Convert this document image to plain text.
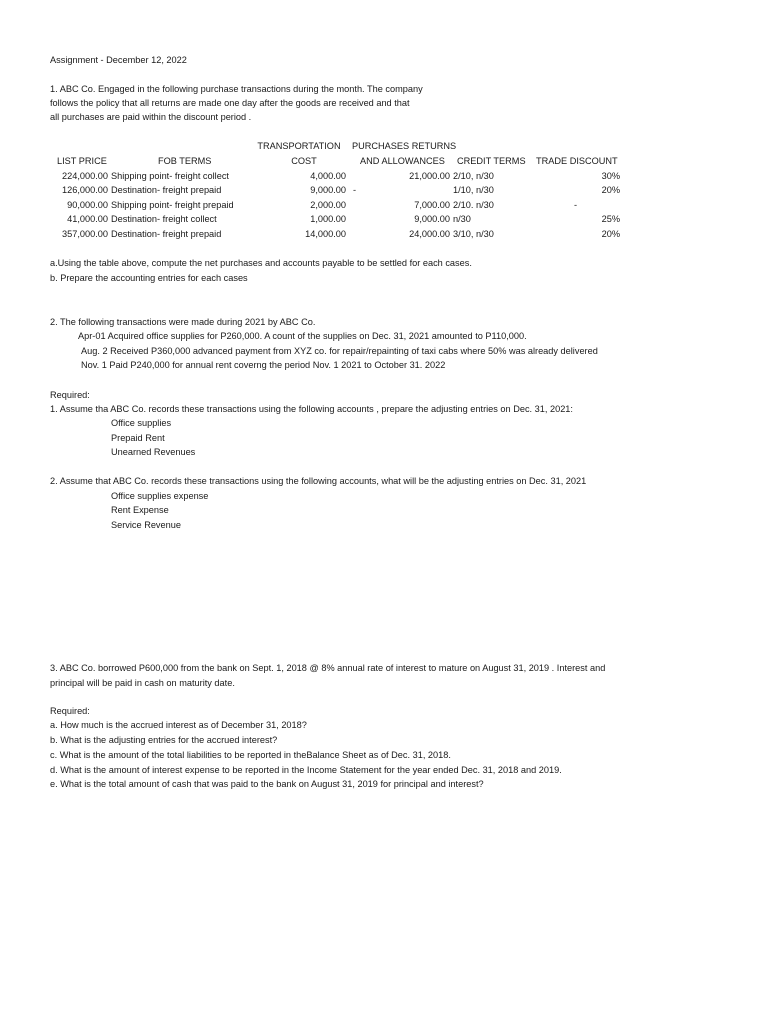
Assignment - December 12, 2022
1. ABC Co. Engaged in the following purchase transactions during the month. The company
follows the policy that all returns are made one day after the goods are received and that
all purchases are paid within the discount period .
TRANSPORTATION	PURCHASES RETURNS
LIST PRICE	FOB TERMS	COST	AND ALLOWANCES CREDIT TERMS TRADE DISCOUNT
224,000.00 Shipping point- freight collect	4,000.00	21,000.00 2/10, n/30	30%
126,000.00 Destination- freight prepaid	9,000.00 -	1/10, n/30	20%
90,000.00 Shipping point- freight prepaid	2,000.00	7,000.00 2/10. n/30	-
41,000.00 Destination- freight collect	1,000.00	9,000.00 n/30	25%
357,000.00 Destination- freight prepaid	14,000.00	24,000.00 3/10, n/30	20%
a.Using the table above, compute the net purchases and accounts payable to be settled for each cases.
b. Prepare the accounting entries for each cases
2. The following transactions were made during 2021 by ABC Co.
Apr-01 Acquired office supplies for P260,000. A count of the supplies on Dec. 31, 2021 amounted to P110,000.
Aug. 2 Received P360,000 advanced payment from XYZ co. for repair/repainting of taxi cabs where 50% was already delivered
Nov. 1 Paid P240,000 for annual rent coverng the period Nov. 1 2021 to October 31. 2022
Required:
1. Assume tha ABC Co. records these transactions using the following accounts , prepare the adjusting entries on Dec. 31, 2021:
Office supplies
Prepaid Rent
Unearned Revenues
2. Assume that ABC Co. records these transactions using the following accounts, what will be the adjusting entries on Dec. 31, 2021
Office supplies expense
Rent Expense
Service Revenue
3. ABC Co. borrowed P600,000 from the bank on Sept. 1, 2018 @ 8% annual rate of interest to mature on August 31, 2019 . Interest and
principal will be paid in cash on maturity date.
Required:
a. How much is the accrued interest as of December 31, 2018?
b. What is the adjusting entries for the accrued interest?
c. What is the amount of the total liabilities to be reported in theBalance Sheet as of Dec. 31, 2018.
d. What is the amount of interest expense to be reported in the Income Statement for the year ended Dec. 31, 2018 and 2019.
e. What is the total amount of cash that was paid to the bank on August 31, 2019 for principal and interest?
